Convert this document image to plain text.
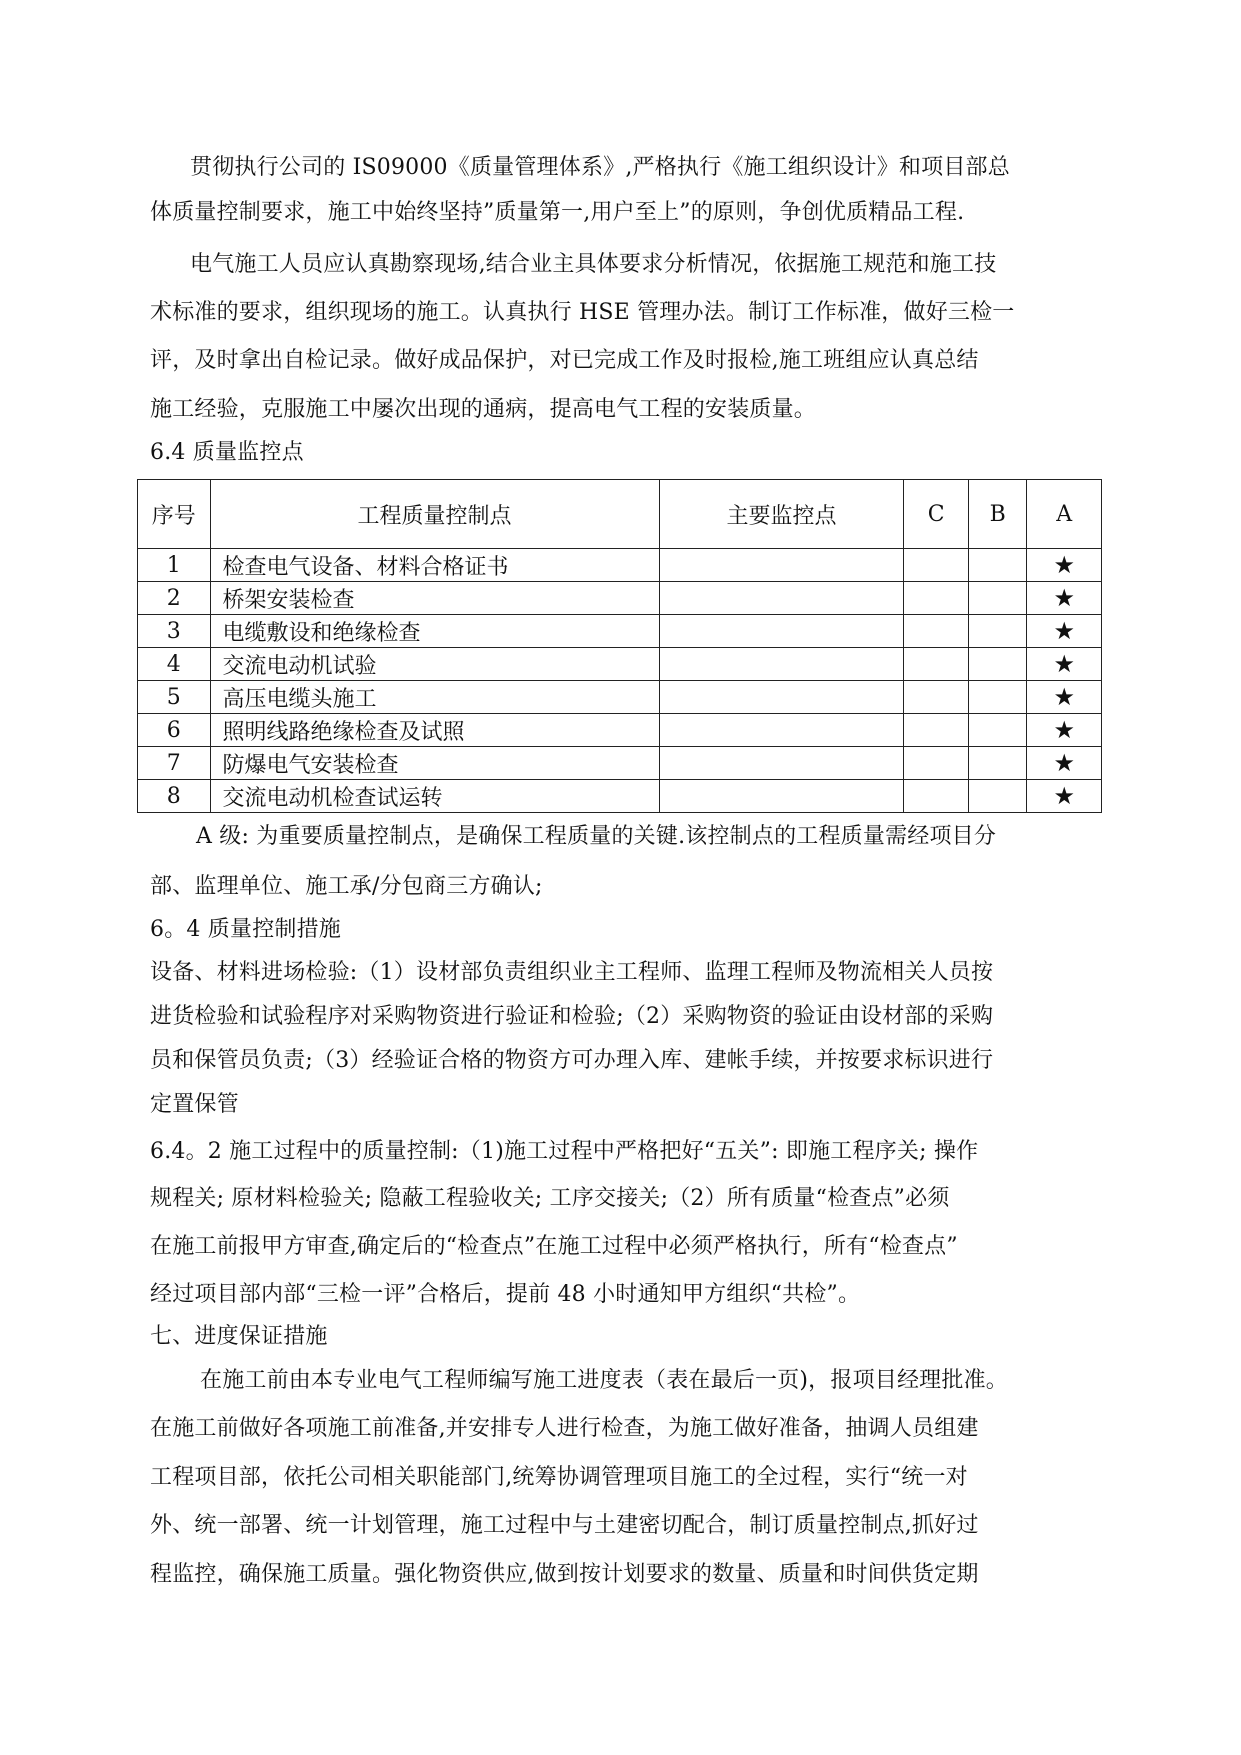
贯彻执行公司的 IS09000《质量管理体系》,严格执行《施工组织设计》和项目部总
体质量控制要求，施工中始终坚持”质量第一,用户至上”的原则，争创优质精品工程.
电气施工人员应认真勘察现场,结合业主具体要求分析情况，依据施工规范和施工技
术标准的要求，组织现场的施工。认真执行 HSE 管理办法。制订工作标准，做好三检一
评，及时拿出自检记录。做好成品保护，对已完成工作及时报检,施工班组应认真总结
施工经验，克服施工中屡次出现的通病，提高电气工程的安装质量。
6.4 质量监控点
序号	工程质量控制点	主要监控点	C	B	A
1	检查电气设备、材料合格证书				★
2	桥架安装检查				★
3	电缆敷设和绝缘检查				★
4	交流电动机试验				★
5	高压电缆头施工				★
6	照明线路绝缘检查及试照				★
7	防爆电气安装检查				★
8	交流电动机检查试运转				★
A 级: 为重要质量控制点，是确保工程质量的关键.该控制点的工程质量需经项目分
部、监理单位、施工承/分包商三方确认;
6。4 质量控制措施
设备、材料进场检验:（1）设材部负责组织业主工程师、监理工程师及物流相关人员按
进货检验和试验程序对采购物资进行验证和检验;（2）采购物资的验证由设材部的采购
员和保管员负责;（3）经验证合格的物资方可办理入库、建帐手续，并按要求标识进行
定置保管
6.4。2 施工过程中的质量控制:（1)施工过程中严格把好“五关”: 即施工程序关; 操作
规程关; 原材料检验关; 隐蔽工程验收关; 工序交接关;（2）所有质量“检查点”必须
在施工前报甲方审查,确定后的“检查点”在施工过程中必须严格执行，所有“检查点”
经过项目部内部“三检一评”合格后，提前 48 小时通知甲方组织“共检”。
七、进度保证措施
在施工前由本专业电气工程师编写施工进度表（表在最后一页)，报项目经理批准。
在施工前做好各项施工前准备,并安排专人进行检查，为施工做好准备，抽调人员组建
工程项目部，依托公司相关职能部门,统筹协调管理项目施工的全过程，实行“统一对
外、统一部署、统一计划管理，施工过程中与土建密切配合，制订质量控制点,抓好过
程监控，确保施工质量。强化物资供应,做到按计划要求的数量、质量和时间供货定期
